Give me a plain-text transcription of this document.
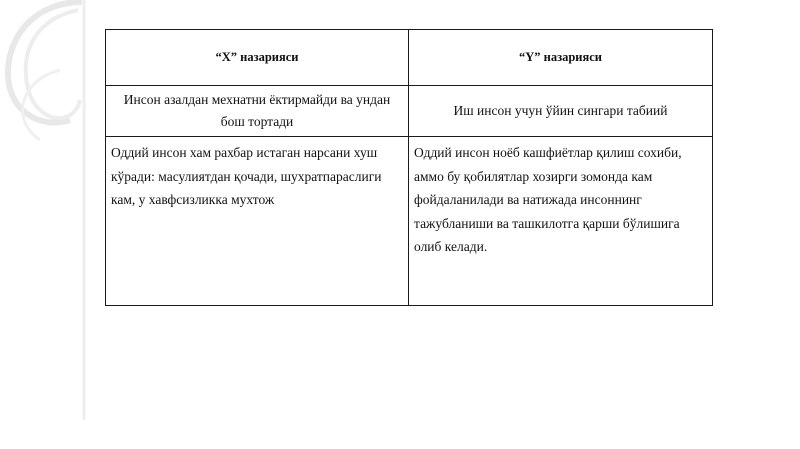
“Х” назарияси	“Y” назарияси
Инсон азалдан мехнатни ёктирмайди ва ундан бош тортади	Иш инсон учун ўйин сингари табиий
Оддий инсон хам рахбар истаган нарсани хуш кўради: масулиятдан қочади, шухратпараслиги кам, у хавфсизликка мухтож	Оддий инсон ноёб кашфиётлар қилиш сохиби, аммо бу қобилятлар хозирги зомонда кам фойдаланилади ва натижада инсоннинг тажубланиши ва ташкилотга қарши бўлишига олиб келади.
